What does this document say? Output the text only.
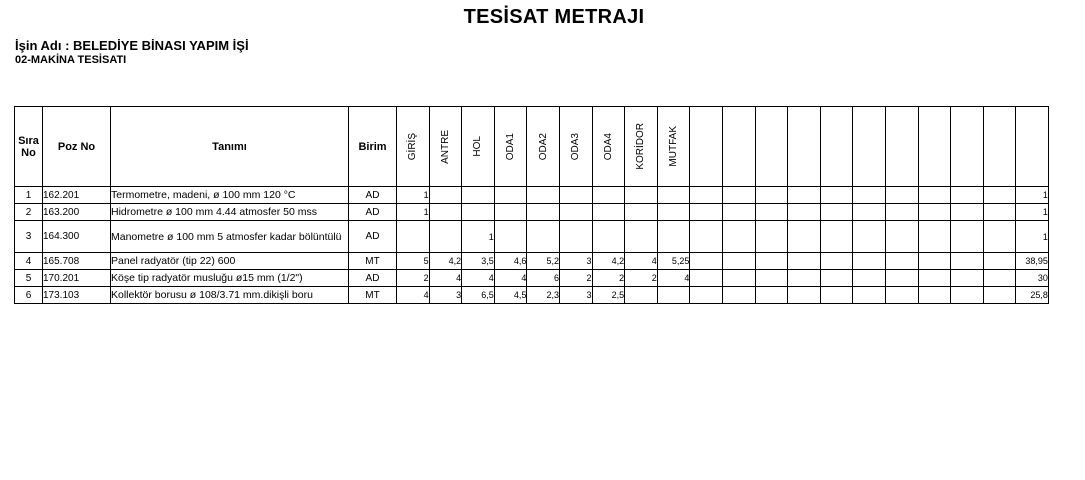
TESİSAT METRAJI
İşin Adı : BELEDİYE BİNASI YAPIM İŞİ
02-MAKİNA TESİSATI
Sıra No	Poz No	Tanımı	Birim	GİRİŞ	ANTRE	HOL	ODA1	ODA2	ODA3	ODA4	KORİDOR	MUTFAK											

1	162.201	Termometre, madeni, ø 100 mm 120 °C	AD	1																			1
2	163.200	Hidrometre ø 100 mm 4.44 atmosfer 50 mss	AD	1																			1
3	164.300	Manometre ø 100 mm 5 atmosfer kadar bölüntülü	AD			1																	1
4	165.708	Panel radyatör (tip 22) 600	MT	5	4,2	3,5	4,6	5,2	3	4,2	4	5,25											38,95
5	170.201	Köşe tip radyatör musluğu ø15 mm (1/2")	AD	2	4	4	4	6	2	2	2	4											30
6	173.103	Kollektör borusu ø 108/3.71 mm.dikişli boru	MT	4	3	6,5	4,5	2,3	3	2,5													25,8
